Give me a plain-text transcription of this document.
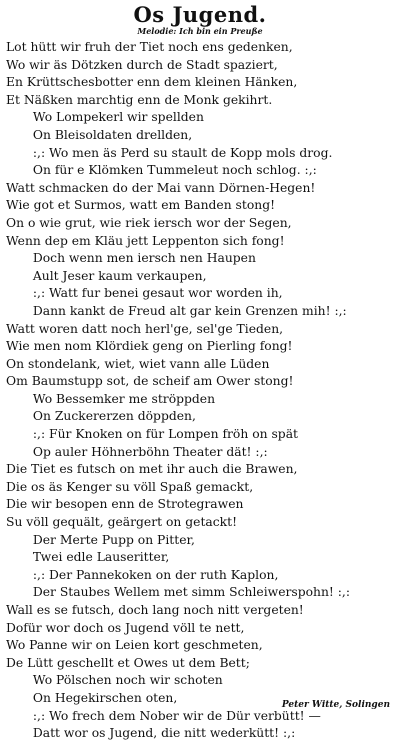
Os Jugend.
Melodie: Ich bin ein Preuße
Lot hütt wir fruh der Tiet noch ens gedenken,
Wo wir äs Dötzken durch de Stadt spaziert,
En Krüttschesbotter enn dem kleinen Hänken,
Et Näßken marchtig enn de Monk gekihrt.
Wo Lompekerl wir spellden
On Bleisoldaten drellden,
:,: Wo men äs Perd su stault de Kopp mols drog.
On für e Klömken Tummeleut noch schlog. :,:
Watt schmacken do der Mai vann Dörnen-Hegen!
Wie got et Surmos, watt em Banden stong!
On o wie grut, wie riek iersch wor der Segen,
Wenn dep em Kläu jett Leppenton sich fong!
Doch wenn men iersch nen Haupen
Ault Jeser kaum verkaupen,
:,: Watt fur benei gesaut wor worden ih,
Dann kankt de Freud alt gar kein Grenzen mih! :,:
Watt woren datt noch herl'ge, sel'ge Tieden,
Wie men nom Klördiek geng on Pierling fong!
On stondelank, wiet, wiet vann alle Lüden
Om Baumstupp sot, de scheif am Ower stong!
Wo Bessemker me ströppden
On Zuckererzen döppden,
:,: Für Knoken on für Lompen fröh on spät
Op auler Höhnerböhn Theater dät! :,:
Die Tiet es futsch on met ihr auch die Brawen,
Die os äs Kenger su völl Spaß gemackt,
Die wir besopen enn de Strotegrawen
Su völl gequält, geärgert on getackt!
Der Merte Pupp on Pitter,
Twei edle Lauseritter,
:,: Der Pannekoken on der ruth Kaplon,
Der Staubes Wellem met simm Schleiwerspohn! :,:
Wall es se futsch, doch lang noch nitt vergeten!
Dofür wor doch os Jugend völl te nett,
Wo Panne wir on Leien kort geschmeten,
De Lütt geschellt et Owes ut dem Bett;
Wo Pölschen noch wir schoten
On Hegekirschen oten,
:,: Wo frech dem Nober wir de Dür verbütt! —
Datt wor os Jugend, die nitt wederkütt! :,:
Peter Witte, Solingen
